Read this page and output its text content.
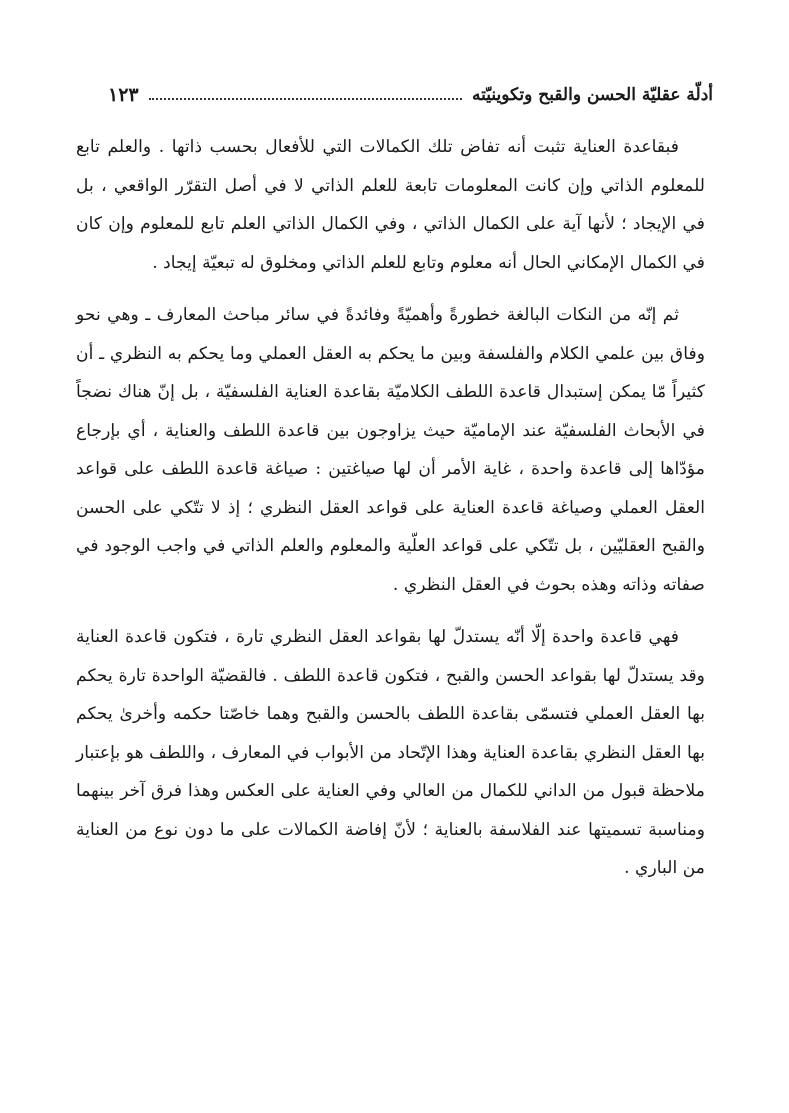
أدلّة عقليّة الحسن والقبح وتكوينيّته
١٢٣

فبقاعدة العناية تثبت أنه تفاض تلك الكمالات التي للأفعال بحسب ذاتها . والعلم تابع للمعلوم الذاتي وإن كانت المعلومات تابعة للعلم الذاتي لا في أصل التقرّر الواقعي ، بل في الإيجاد ؛ لأنها آية على الكمال الذاتي ، وفي الكمال الذاتي العلم تابع للمعلوم وإن كان في الكمال الإمكاني الحال أنه معلوم وتابع للعلم الذاتي ومخلوق له تبعيّة إيجاد .

ثم إنّه من النكات البالغة خطورةً وأهميّةً وفائدةً في سائر مباحث المعارف ـ وهي نحو وفاق بين علمي الكلام والفلسفة وبين ما يحكم به العقل العملي وما يحكم به النظري ـ أن كثيراً مّا يمكن إستبدال قاعدة اللطف الكلاميّة بقاعدة العناية الفلسفيّة ، بل إنّ هناك نضجاً في الأبحاث الفلسفيّة عند الإماميّة حيث يزاوجون بين قاعدة اللطف والعناية ، أي بإرجاع مؤدّاها إلى قاعدة واحدة ، غاية الأمر أن لها صياغتين : صياغة قاعدة اللطف على قواعد العقل العملي وصياغة قاعدة العناية على قواعد العقل النظري ؛ إذ لا تتّكي على الحسن والقبح العقليّين ، بل تتّكي على قواعد العلّية والمعلوم والعلم الذاتي في واجب الوجود في صفاته وذاته وهذه بحوث في العقل النظري .

فهي قاعدة واحدة إلّا أنّه يستدلّ لها بقواعد العقل النظري تارة ، فتكون قاعدة العناية وقد يستدلّ لها بقواعد الحسن والقبح ، فتكون قاعدة اللطف . فالقضيّة الواحدة تارة يحكم بها العقل العملي فتسمّى بقاعدة اللطف بالحسن والقبح وهما خاصّتا حكمه وأخرىٰ يحكم بها العقل النظري بقاعدة العناية وهذا الإتّحاد من الأبواب في المعارف ، واللطف هو بإعتبار ملاحظة قبول من الداني للكمال من العالي وفي العناية على العكس وهذا فرق آخر بينهما ومناسبة تسميتها عند الفلاسفة بالعناية ؛ لأنّ إفاضة الكمالات على ما دون نوع من العناية من الباري .
